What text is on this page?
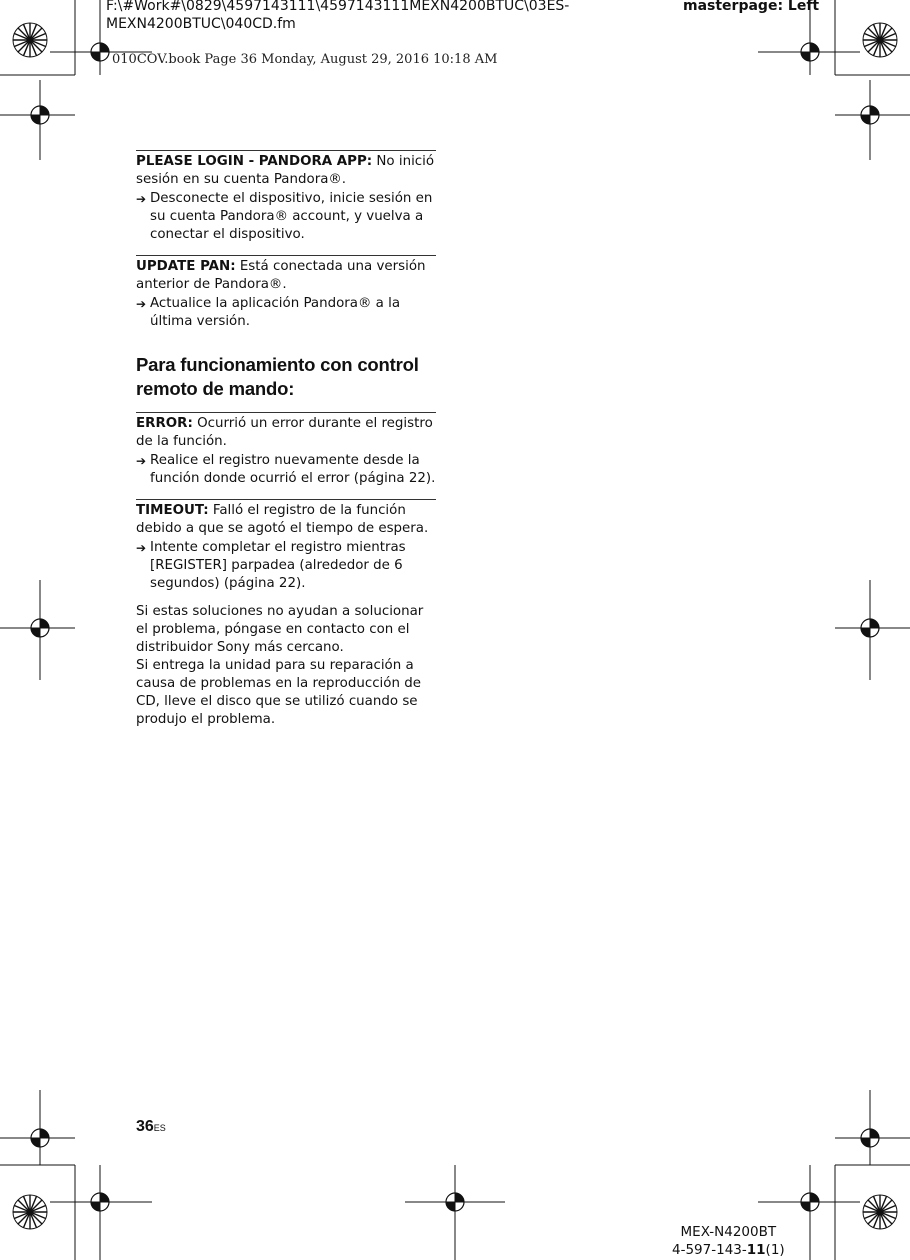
F:\#Work#\0829\4597143111\4597143111MEXN4200BTUC\03ES-
MEXN4200BTUC\040CD.fm
masterpage: Left
010COV.book Page 36 Monday, August 29, 2016 10:18 AM

PLEASE LOGIN - PANDORA APP: No inició sesión en su cuenta Pandora®.

➔ Desconecte el dispositivo, inicie sesión en su cuenta Pandora® account, y vuelva a conectar el dispositivo.

UPDATE PAN: Está conectada una versión anterior de Pandora®.

➔ Actualice la aplicación Pandora® a la última versión.
Para funcionamiento con control remoto de mando:

ERROR: Ocurrió un error durante el registro de la función.

➔ Realice el registro nuevamente desde la función donde ocurrió el error (página 22).

TIMEOUT: Falló el registro de la función debido a que se agotó el tiempo de espera.

➔ Intente completar el registro mientras [REGISTER] parpadea (alrededor de 6 segundos) (página 22).

Si estas soluciones no ayudan a solucionar el problema, póngase en contacto con el distribuidor Sony más cercano.

Si entrega la unidad para su reparación a causa de problemas en la reproducción de CD, lleve el disco que se utilizó cuando se produjo el problema.

36ES
MEX-N4200BT
4-597-143-11(1)
